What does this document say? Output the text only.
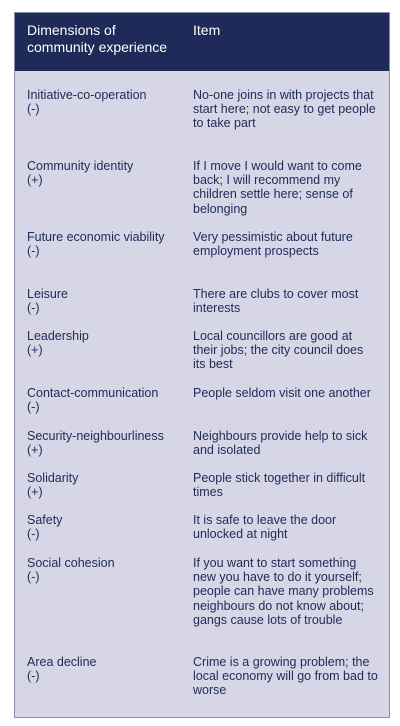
Dimensions of community experience
Item
Initiative-co-operation
(-)
No-one joins in with projects that start here; not easy to get people to take part
Community identity
(+)
If I move I would want to come back; I will recommend my children settle here; sense of belonging
Future economic viability
(-)
Very pessimistic about future employment prospects
Leisure
(-)
There are clubs to cover most interests
Leadership
(+)
Local councillors are good at their jobs; the city council does its best
Contact-communication
(-)
People seldom visit one another
Security-neighbourliness
(+)
Neighbours provide help to sick and isolated
Solidarity
(+)
People stick together in difficult times
Safety
(-)
It is safe to leave the door unlocked at night
Social cohesion
(-)
If you want to start something new you have to do it yourself; people can have many problems neighbours do not know about; gangs cause lots of trouble
Area decline
(-)
Crime is a growing problem; the local economy will go from bad to worse
